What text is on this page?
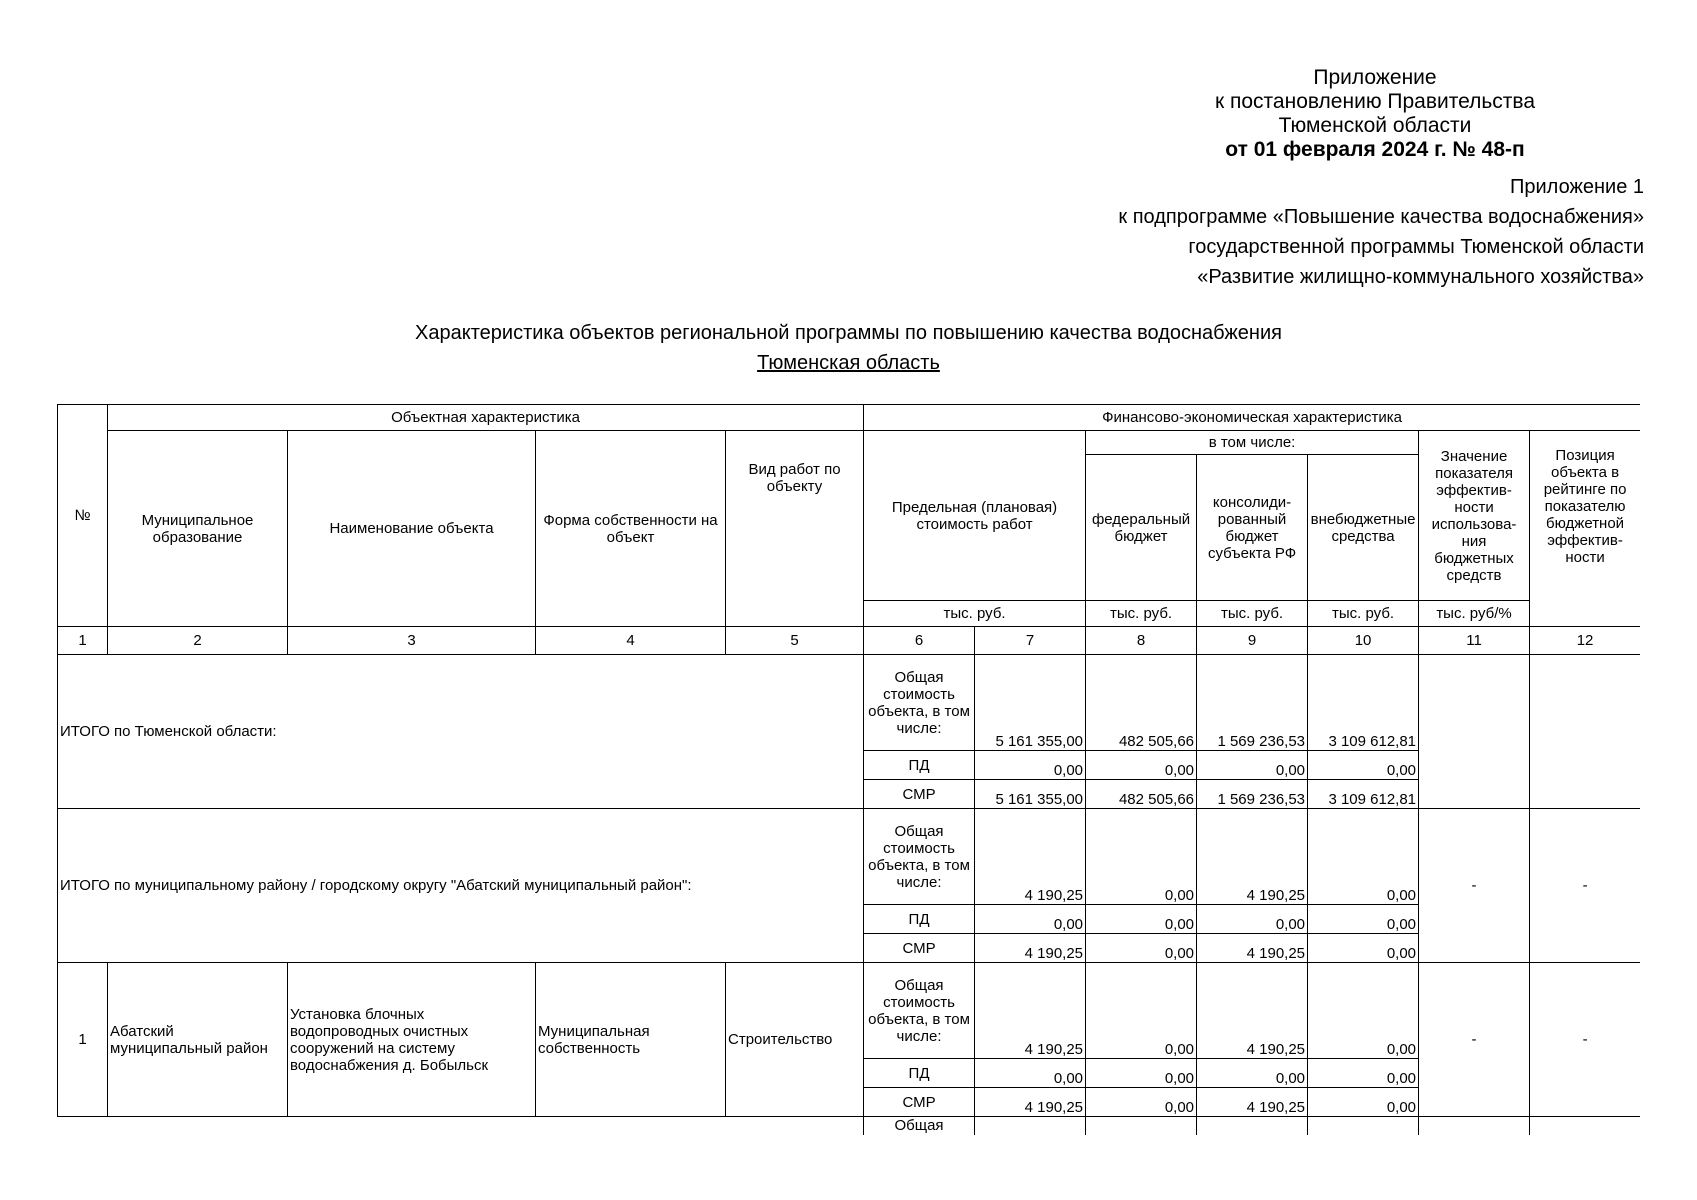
Приложение
к постановлению Правительства
Тюменской области
от 01 февраля 2024 г. № 48-п
Приложение 1
к подпрограмме «Повышение качества водоснабжения»
государственной программы Тюменской области
«Развитие жилищно-коммунального хозяйства»
Характеристика объектов региональной программы по повышению качества водоснабжения
Тюменская область
№	Объектная характеристика				Финансово-экономическая характеристика						
	Муниципальное образование	Наименование объекта	Форма собственности на объект	Вид работ по объекту	Предельная (плановая) стоимость работ		в том числе:			Значение показателя эффектив-ности использова-ния бюджетных средств	Позиция объекта в рейтинге по показателю бюджетной эффектив-ности
							федеральный бюджет	консолиди-рованный бюджет субъекта РФ	внебюджетные средства		
					тыс. руб.		тыс. руб.	тыс. руб.	тыс. руб.	тыс. руб/%	
1	2	3	4	5	6	7	8	9	10	11	12
ИТОГО по Тюменской области:					Общая стоимость объекта, в том числе:	5 161 355,00	482 505,66	1 569 236,53	3 109 612,81		
					ПД	0,00	0,00	0,00	0,00		
					СМР	5 161 355,00	482 505,66	1 569 236,53	3 109 612,81		
ИТОГО по муниципальному району / городскому округу "Абатский муниципальный район":					Общая стоимость объекта, в том числе:	4 190,25	0,00	4 190,25	0,00	-	-
					ПД	0,00	0,00	0,00	0,00		
					СМР	4 190,25	0,00	4 190,25	0,00		
1	Абатский муниципальный район	Установка блочных водопроводных очистных сооружений на систему водоснабжения д. Бобыльск	Муниципальная собственность	Строительство	Общая стоимость объекта, в том числе:	4 190,25	0,00	4 190,25	0,00	-	-
					ПД	0,00	0,00	0,00	0,00		
					СМР	4 190,25	0,00	4 190,25	0,00		
					Общая						
